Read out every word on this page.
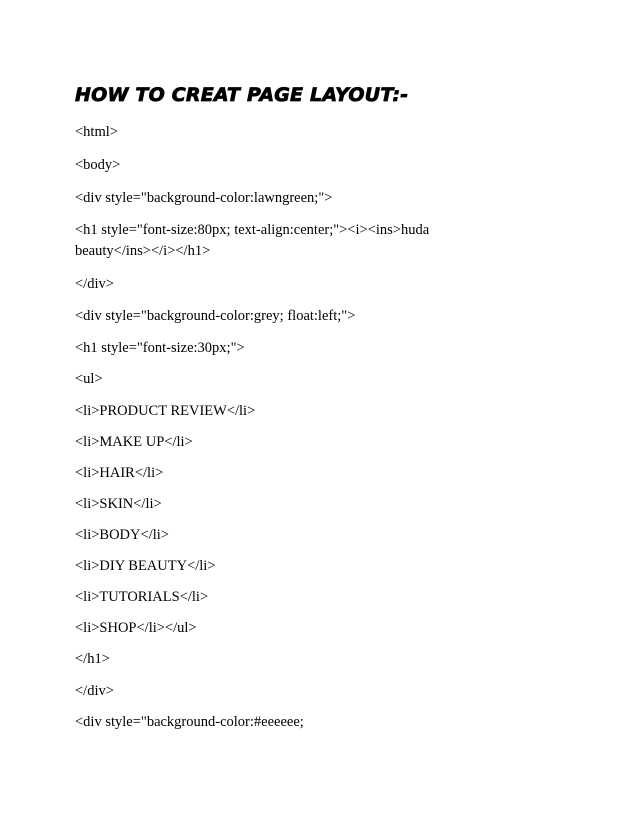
HOW TO CREAT PAGE LAYOUT:-
<html>
<body>
<div style="background-color:lawngreen;">
<h1 style="font-size:80px; text-align:center;"><i><ins>huda
beauty</ins></i></h1>
</div>
<div style="background-color:grey; float:left;">
<h1 style="font-size:30px;">
<ul>
<li>PRODUCT REVIEW</li>
<li>MAKE UP</li>
<li>HAIR</li>
<li>SKIN</li>
<li>BODY</li>
<li>DIY BEAUTY</li>
<li>TUTORIALS</li>
<li>SHOP</li></ul>
</h1>
</div>
<div style="background-color:#eeeeee;
